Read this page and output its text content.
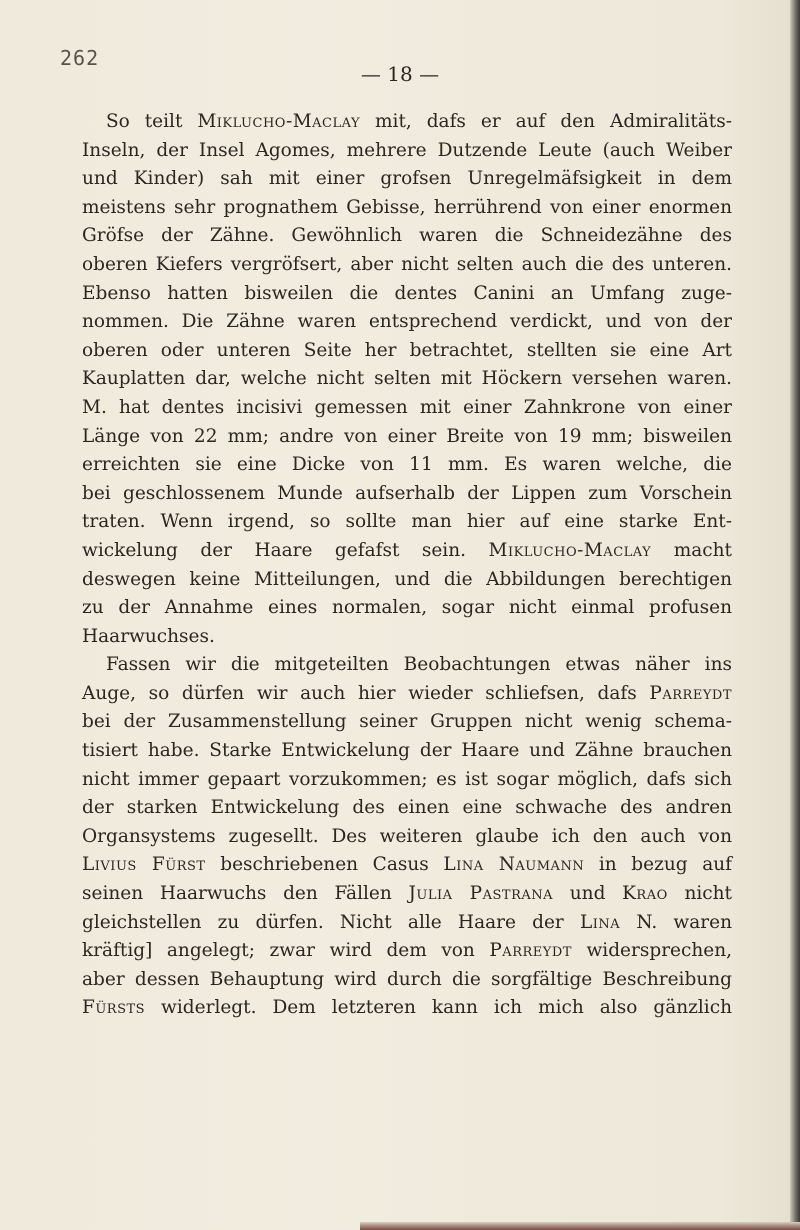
262
— 18 —
So teilt Miklucho-Maclay mit, dafs er auf den Admiralitäts-
Inseln, der Insel Agomes, mehrere Dutzende Leute (auch Weiber
und Kinder) sah mit einer grofsen Unregelmäfsigkeit in dem
meistens sehr prognathem Gebisse, herrührend von einer enormen
Gröfse der Zähne. Gewöhnlich waren die Schneidezähne des
oberen Kiefers vergröfsert, aber nicht selten auch die des unteren.
Ebenso hatten bisweilen die dentes Canini an Umfang zuge-
nommen. Die Zähne waren entsprechend verdickt, und von der
oberen oder unteren Seite her betrachtet, stellten sie eine Art
Kauplatten dar, welche nicht selten mit Höckern versehen waren.
M. hat dentes incisivi gemessen mit einer Zahnkrone von einer
Länge von 22 mm; andre von einer Breite von 19 mm; bisweilen
erreichten sie eine Dicke von 11 mm. Es waren welche, die
bei geschlossenem Munde aufserhalb der Lippen zum Vorschein
traten. Wenn irgend, so sollte man hier auf eine starke Ent-
wickelung der Haare gefafst sein. Miklucho-Maclay macht
deswegen keine Mitteilungen, und die Abbildungen berechtigen
zu der Annahme eines normalen, sogar nicht einmal profusen
Haarwuchses.
Fassen wir die mitgeteilten Beobachtungen etwas näher ins
Auge, so dürfen wir auch hier wieder schliefsen, dafs Parreydt
bei der Zusammenstellung seiner Gruppen nicht wenig schema-
tisiert habe. Starke Entwickelung der Haare und Zähne brauchen
nicht immer gepaart vorzukommen; es ist sogar möglich, dafs sich
der starken Entwickelung des einen eine schwache des andren
Organsystems zugesellt. Des weiteren glaube ich den auch von
Livius Fürst beschriebenen Casus Lina Naumann in bezug auf
seinen Haarwuchs den Fällen Julia Pastrana und Krao nicht
gleichstellen zu dürfen. Nicht alle Haare der Lina N. waren
kräftig] angelegt; zwar wird dem von Parreydt widersprechen,
aber dessen Behauptung wird durch die sorgfältige Beschreibung
Fürsts widerlegt. Dem letzteren kann ich mich also gänzlich
